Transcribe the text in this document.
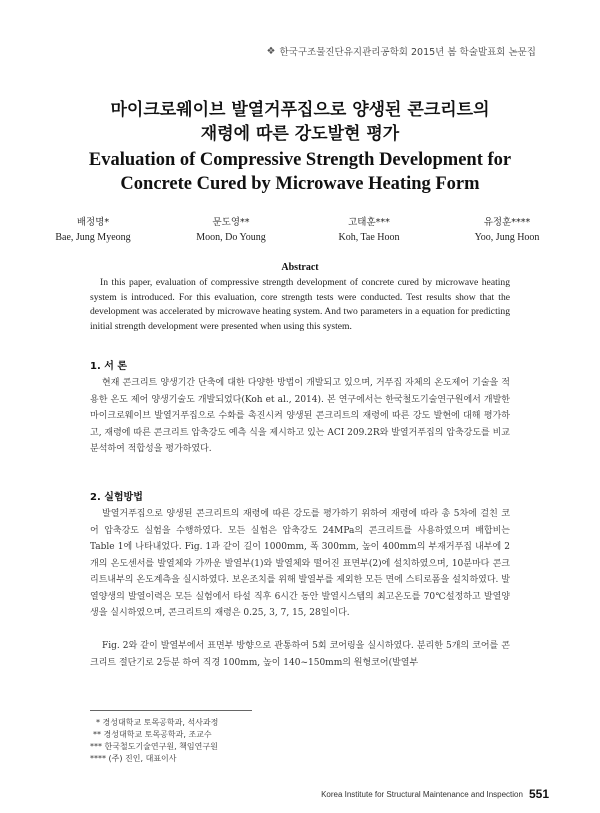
❖ 한국구조물진단유지관리공학회 2015년 봄 학술발표회 논문집
마이크로웨이브 발열거푸집으로 양생된 콘크리트의
재령에 따른 강도발현 평가
Evaluation of Compressive Strength Development for
Concrete Cured by Microwave Heating Form
배정명*
Bae, Jung Myeong
문도영**
Moon, Do Young
고태훈***
Koh, Tae Hoon
유정훈****
Yoo, Jung Hoon
Abstract
In this paper, evaluation of compressive strength development of concrete cured by microwave heating system is introduced. For this evaluation, core strength tests were conducted. Test results show that the development was accelerated by microwave heating system. And two parameters in a equation for predicting initial strength development were presented when using this system.
1. 서 론
현재 콘크리트 양생기간 단축에 대한 다양한 방법이 개발되고 있으며, 거푸집 자체의 온도제어 기술을 적용한 온도 제어 양생기술도 개발되었다(Koh et al., 2014). 본 연구에서는 한국철도기술연구원에서 개발한 마이크로웨이브 발열거푸집으로 수화를 촉진시켜 양생된 콘크리트의 재령에 따른 강도 발현에 대해 평가하고, 재령에 따른 콘크리트 압축강도 예측 식을 제시하고 있는 ACI 209.2R와 발열거푸집의 압축강도를 비교 분석하여 적합성을 평가하였다.
2. 실험방법
발열거푸집으로 양생된 콘크리트의 재령에 따른 강도를 평가하기 위하여 재령에 따라 총 5차에 걸친 코어 압축강도 실험을 수행하였다. 모든 실험은 압축강도 24MPa의 콘크리트를 사용하였으며 배합비는 Table 1에 나타내었다. Fig. 1과 같이 길이 1000mm, 폭 300mm, 높이 400mm의 부재거푸집 내부에 2개의 온도센서를 발열체와 가까운 발열부(1)와 발열체와 떨어진 표면부(2)에 설치하였으며, 10분마다 콘크리트내부의 온도계측을 실시하였다. 보온조치를 위해 발열부를 제외한 모든 면에 스티로폼을 설치하였다. 발열양생의 발열이력은 모든 실험에서 타설 직후 6시간 동안 발열시스템의 최고온도를 70℃설정하고 발열양생을 실시하였으며, 콘크리트의 재령은 0.25, 3, 7, 15, 28일이다.
Fig. 2와 같이 발열부에서 표면부 방향으로 관통하여 5회 코어링을 실시하였다. 분리한 5개의 코어를 콘크리트 절단기로 2등분 하여 직경 100mm, 높이 140~150mm의 원형코어(발열부
* 경성대학교 토목공학과, 석사과정
** 경성대학교 토목공학과, 조교수
*** 한국철도기술연구원, 책임연구원
**** (주) 진인, 대표이사
Korea Institute for Structural Maintenance and Inspection 551
